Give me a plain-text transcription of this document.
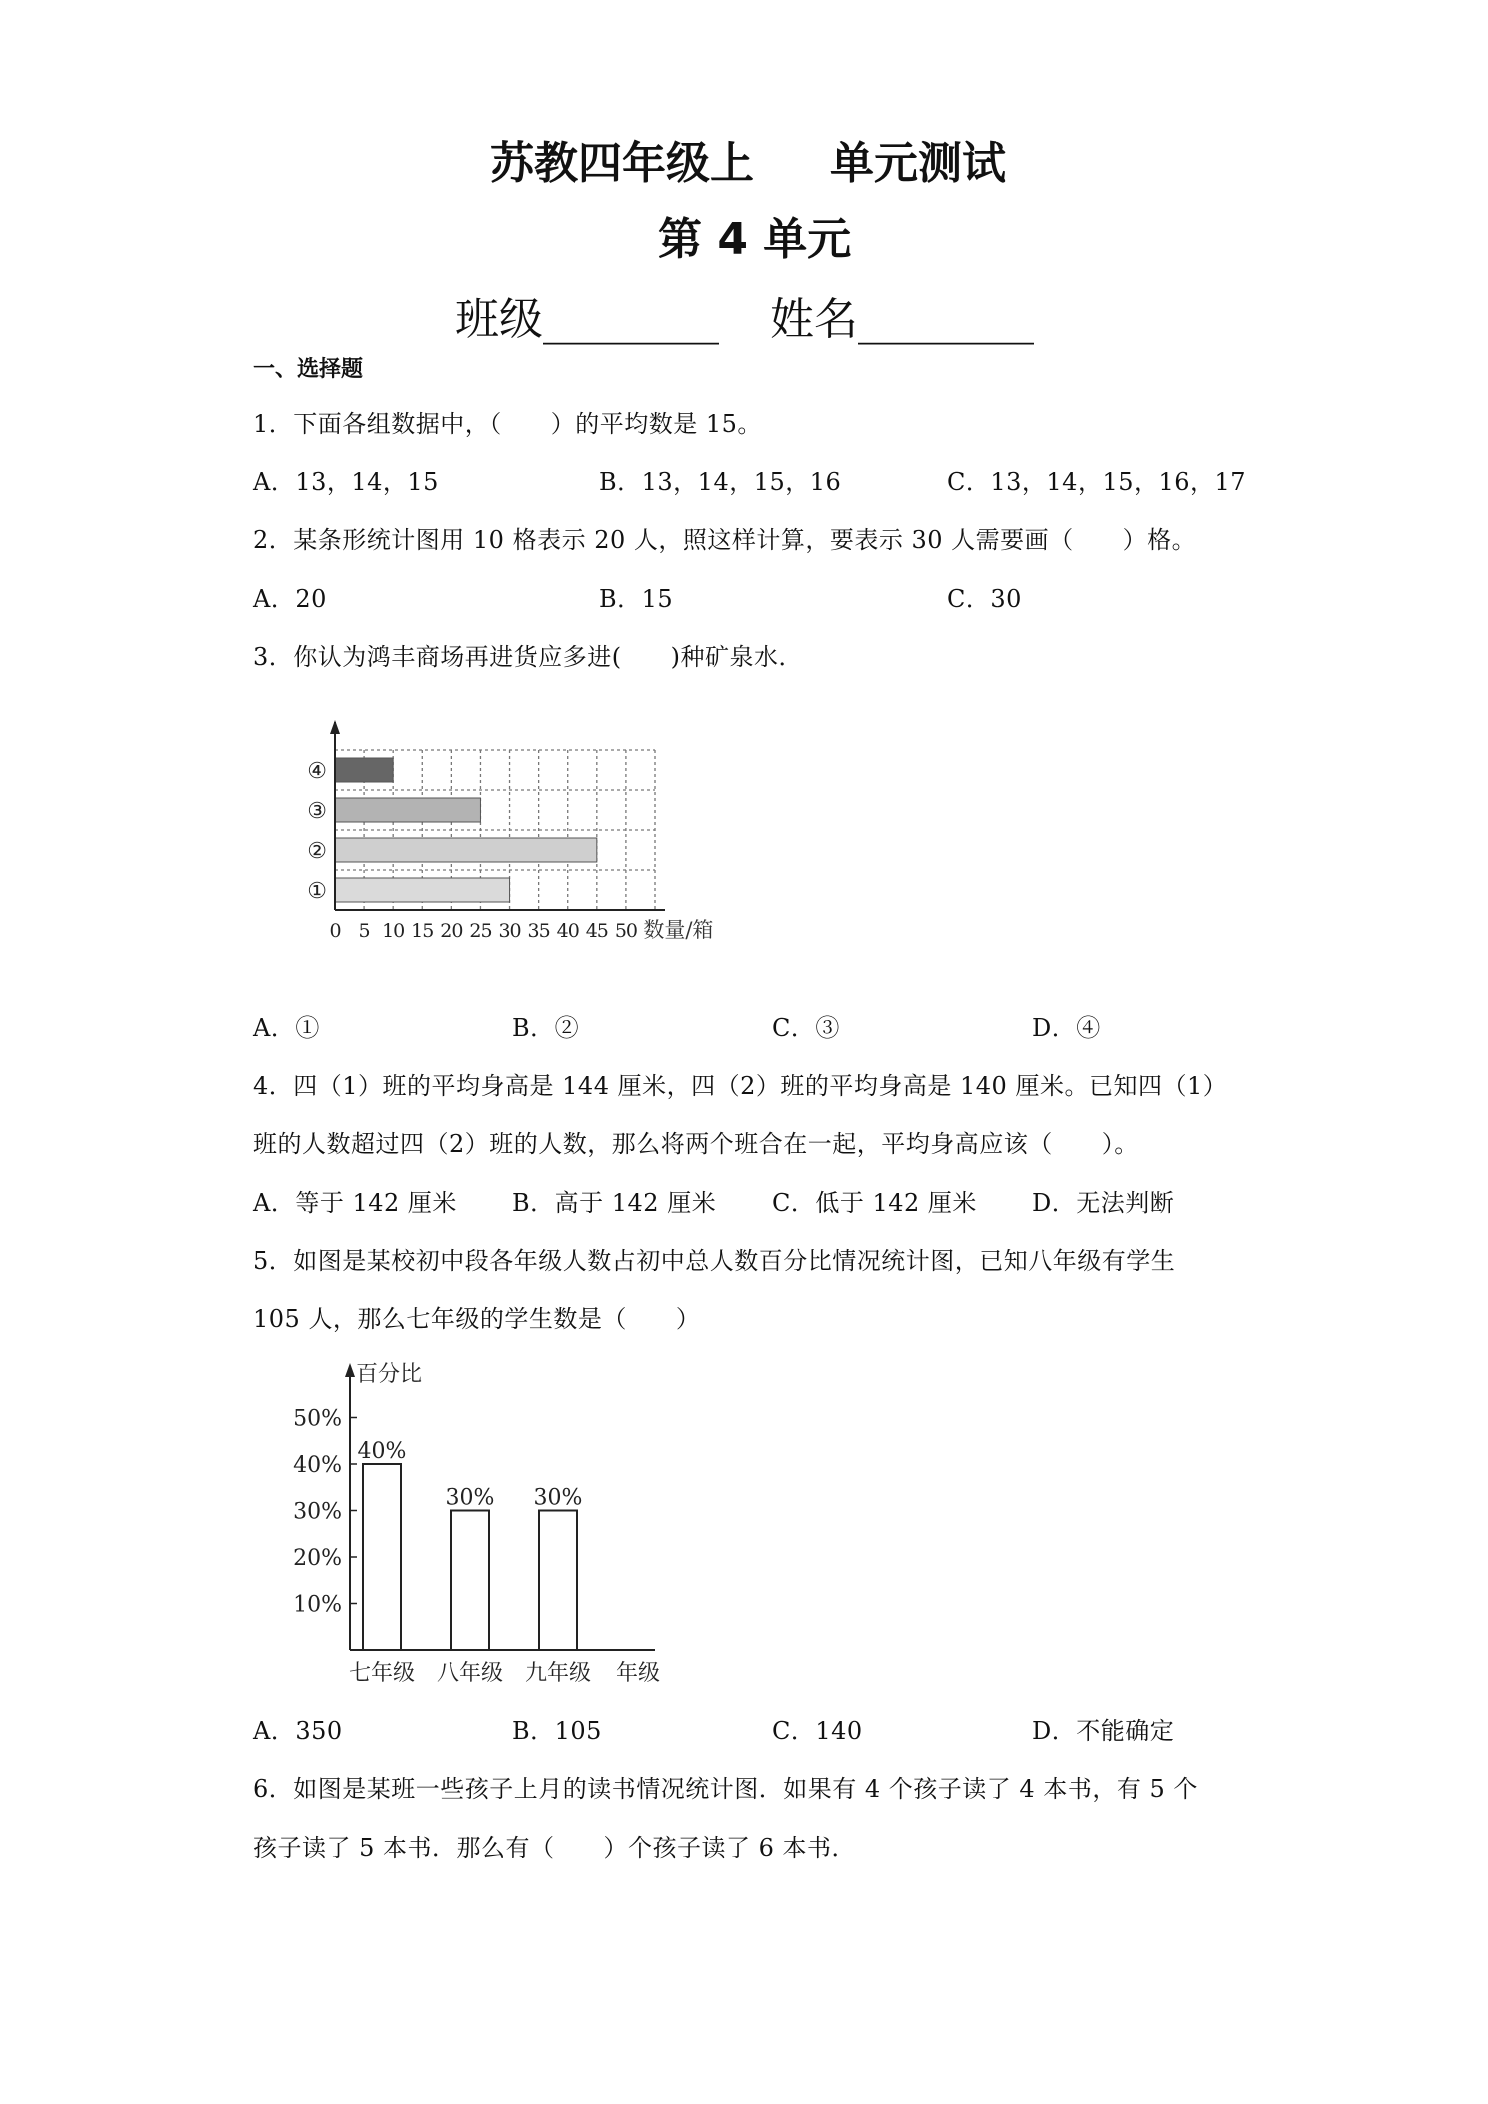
苏教四年级上 单元测试
第 4 单元
班级________ 姓名________
一、选择题
1．下面各组数据中，（　　）的平均数是 15。
A．13，14，15	B．13，14，15，16	C．13，14，15，16，17
2．某条形统计图用 10 格表示 20 人，照这样计算，要表示 30 人需要画（　　）格。
A．20	B．15	C．30
3．你认为鸿丰商场再进货应多进(　　)种矿泉水．
①
②
③
④
0 5 10 15 20 25 30 35 40 45 50 数量/箱
A．①	B．②	C．③	D．④
4．四（1）班的平均身高是 144 厘米，四（2）班的平均身高是 140 厘米。已知四（1）
班的人数超过四（2）班的人数，那么将两个班合在一起，平均身高应该（　　）。
A．等于 142 厘米 B．高于 142 厘米 C．低于 142 厘米 D．无法判断
5．如图是某校初中段各年级人数占初中总人数百分比情况统计图，已知八年级有学生
105 人，那么七年级的学生数是（　　）
百分比
10%
20%
30%
40%
50%
40%
七年级
30%
八年级
30%
九年级 年级
A．350	B．105	C．140	D．不能确定
6．如图是某班一些孩子上月的读书情况统计图．如果有 4 个孩子读了 4 本书，有 5 个
孩子读了 5 本书．那么有（　　）个孩子读了 6 本书．
